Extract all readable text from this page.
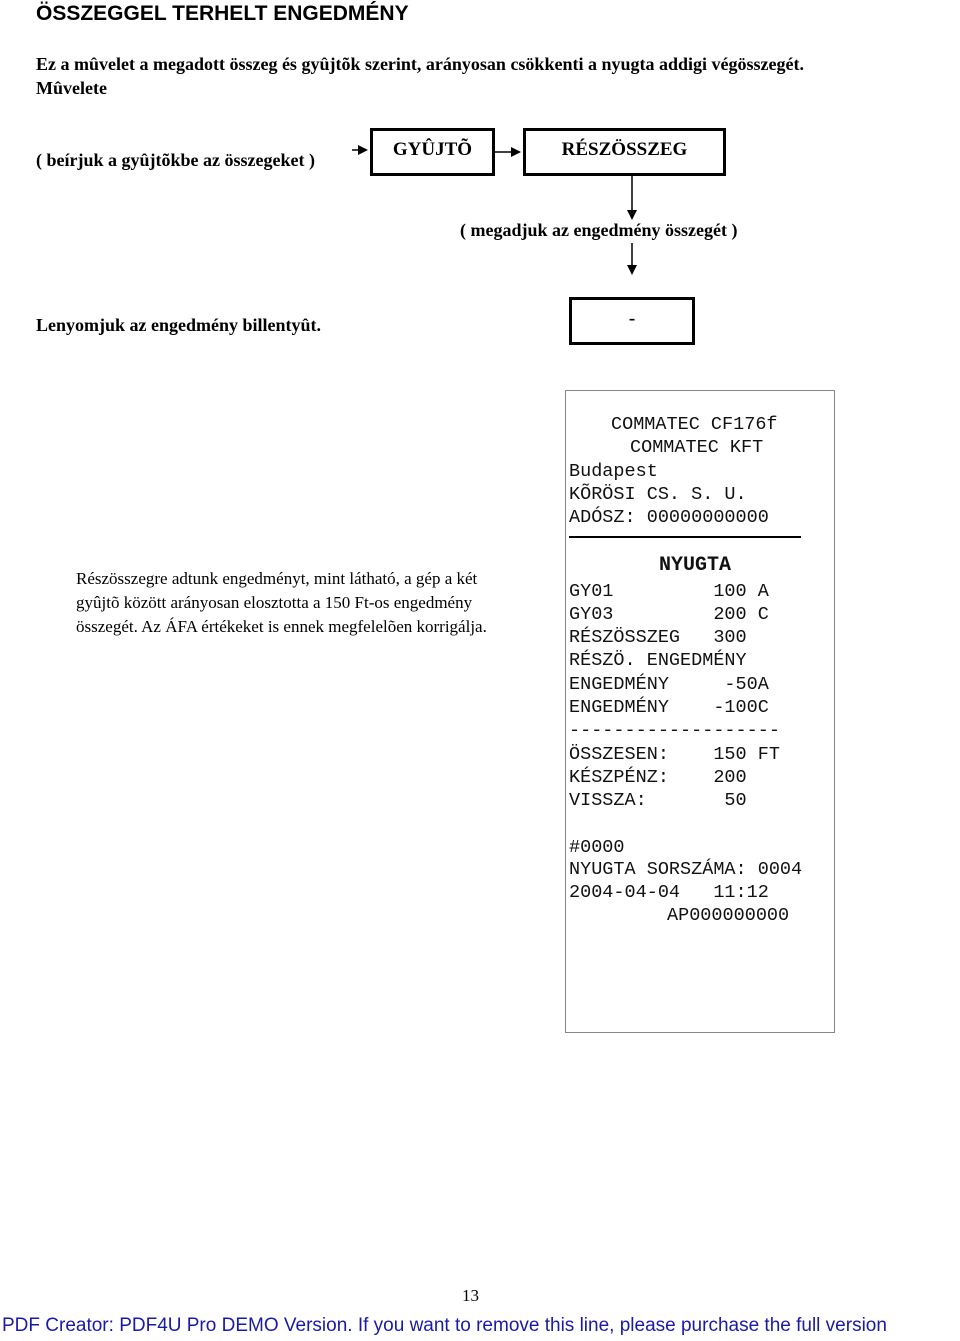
ÖSSZEGGEL TERHELT ENGEDMÉNY
Ez a mûvelet a megadott összeg és gyûjtõk szerint, arányosan csökkenti a nyugta addigi végösszegét.
Mûvelete
( beírjuk a gyûjtõkbe az összegeket )	GYÛJTÕ	RÉSZÖSSZEG
( megadjuk az engedmény összegét )
Lenyomjuk az engedmény billentyût.	-
Részösszegre adtunk engedményt, mint látható, a gép a két gyûjtõ között arányosan elosztotta a 150 Ft-os engedmény összegét. Az ÁFA értékeket is ennek megfelelõen korrigálja.
COMMATEC CF176f
COMMATEC KFT
Budapest
KÕRÖSI CS. S. U.
ADÓSZ: 00000000000
NYUGTA
GY01         100 A
GY03         200 C
RÉSZÖSSZEG   300
RÉSZÖ. ENGEDMÉNY
ENGEDMÉNY     -50A
ENGEDMÉNY    -100C
-------------------
ÖSSZESEN:    150 FT
KÉSZPÉNZ:    200
VISSZA:       50
#0000
NYUGTA SORSZÁMA: 0004
2004-04-04   11:12
AP000000000
13
PDF Creator: PDF4U Pro DEMO Version. If you want to remove this line, please purchase the full version
